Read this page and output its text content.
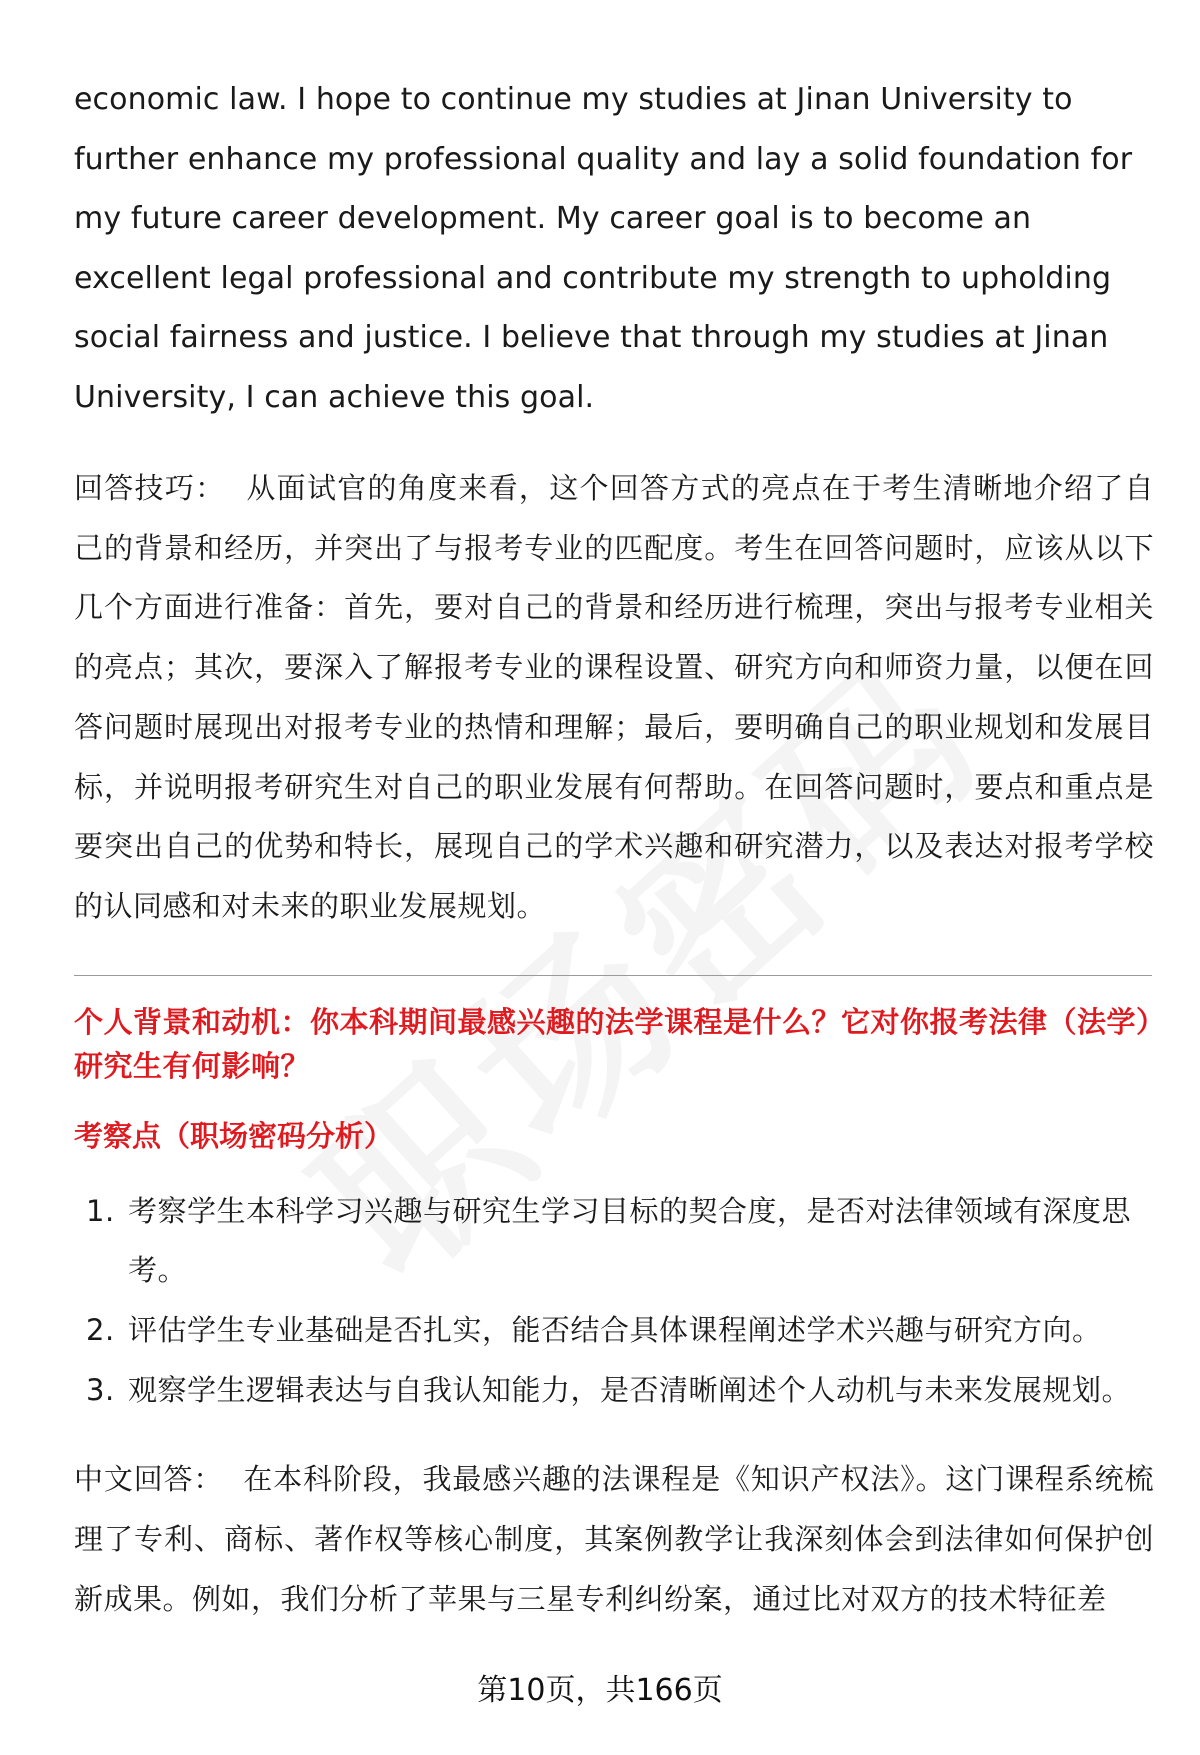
economic law. I hope to continue my studies at Jinan University to further enhance my professional quality and lay a solid foundation for my future career development. My career goal is to become an excellent legal professional and contribute my strength to upholding social fairness and justice. I believe that through my studies at Jinan University, I can achieve this goal.

回答技巧： 从面试官的角度来看，这个回答方式的亮点在于考生清晰地介绍了自己的背景和经历，并突出了与报考专业的匹配度。考生在回答问题时，应该从以下几个方面进行准备：首先，要对自己的背景和经历进行梳理，突出与报考专业相关的亮点；其次，要深入了解报考专业的课程设置、研究方向和师资力量，以便在回答问题时展现出对报考专业的热情和理解；最后，要明确自己的职业规划和发展目标，并说明报考研究生对自己的职业发展有何帮助。在回答问题时，要点和重点是要突出自己的优势和特长，展现自己的学术兴趣和研究潜力，以及表达对报考学校的认同感和对未来的职业发展规划。

个人背景和动机：你本科期间最感兴趣的法学课程是什么？它对你报考法律（法学）研究生有何影响？

考察点（职场密码分析）

1. 考察学生本科学习兴趣与研究生学习目标的契合度，是否对法律领域有深度思考。
2. 评估学生专业基础是否扎实，能否结合具体课程阐述学术兴趣与研究方向。
3. 观察学生逻辑表达与自我认知能力，是否清晰阐述个人动机与未来发展规划。

中文回答： 在本科阶段，我最感兴趣的法课程是《知识产权法》。这门课程系统梳理了专利、商标、著作权等核心制度，其案例教学让我深刻体会到法律如何保护创新成果。例如，我们分析了苹果与三星专利纠纷案，通过比对双方的技术特征差

第10页，共166页
